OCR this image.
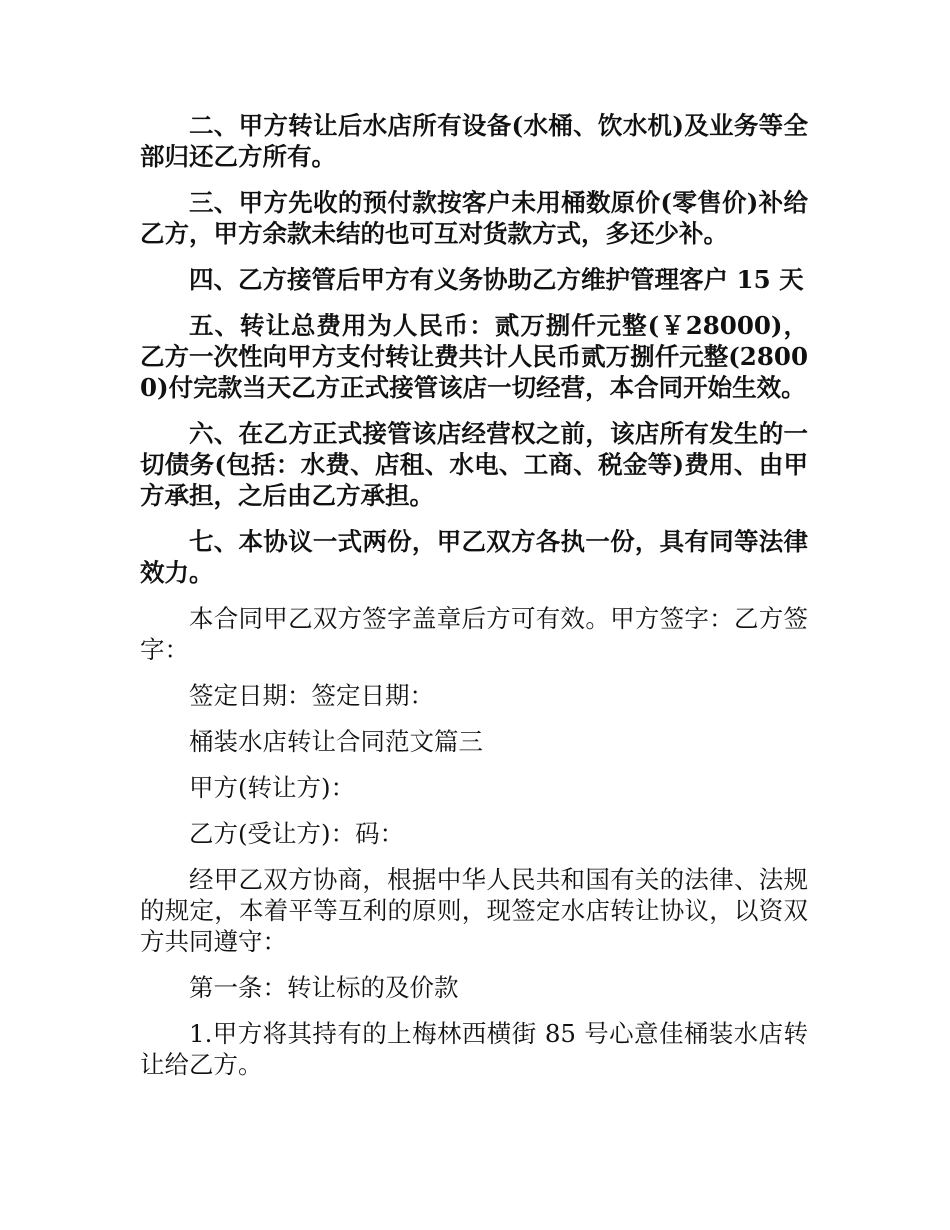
二、甲方转让后水店所有设备(水桶、饮水机)及业务等全部归还乙方所有。

三、甲方先收的预付款按客户未用桶数原价(零售价)补给乙方，甲方余款未结的也可互对货款方式，多还少补。

四、乙方接管后甲方有义务协助乙方维护管理客户 15 天

五、转让总费用为人民币：贰万捌仟元整(￥28000)，乙方一次性向甲方支付转让费共计人民币贰万捌仟元整(28000)付完款当天乙方正式接管该店一切经营，本合同开始生效。

六、在乙方正式接管该店经营权之前，该店所有发生的一切债务(包括：水费、店租、水电、工商、税金等)费用、由甲方承担，之后由乙方承担。

七、本协议一式两份，甲乙双方各执一份，具有同等法律效力。

本合同甲乙双方签字盖章后方可有效。甲方签字：乙方签字：

签定日期：签定日期：

桶装水店转让合同范文篇三

甲方(转让方)：

乙方(受让方)：码：

经甲乙双方协商，根据中华人民共和国有关的法律、法规的规定，本着平等互利的原则，现签定水店转让协议，以资双方共同遵守：

第一条：转让标的及价款

1.甲方将其持有的上梅林西横街 85 号心意佳桶装水店转让给乙方。
